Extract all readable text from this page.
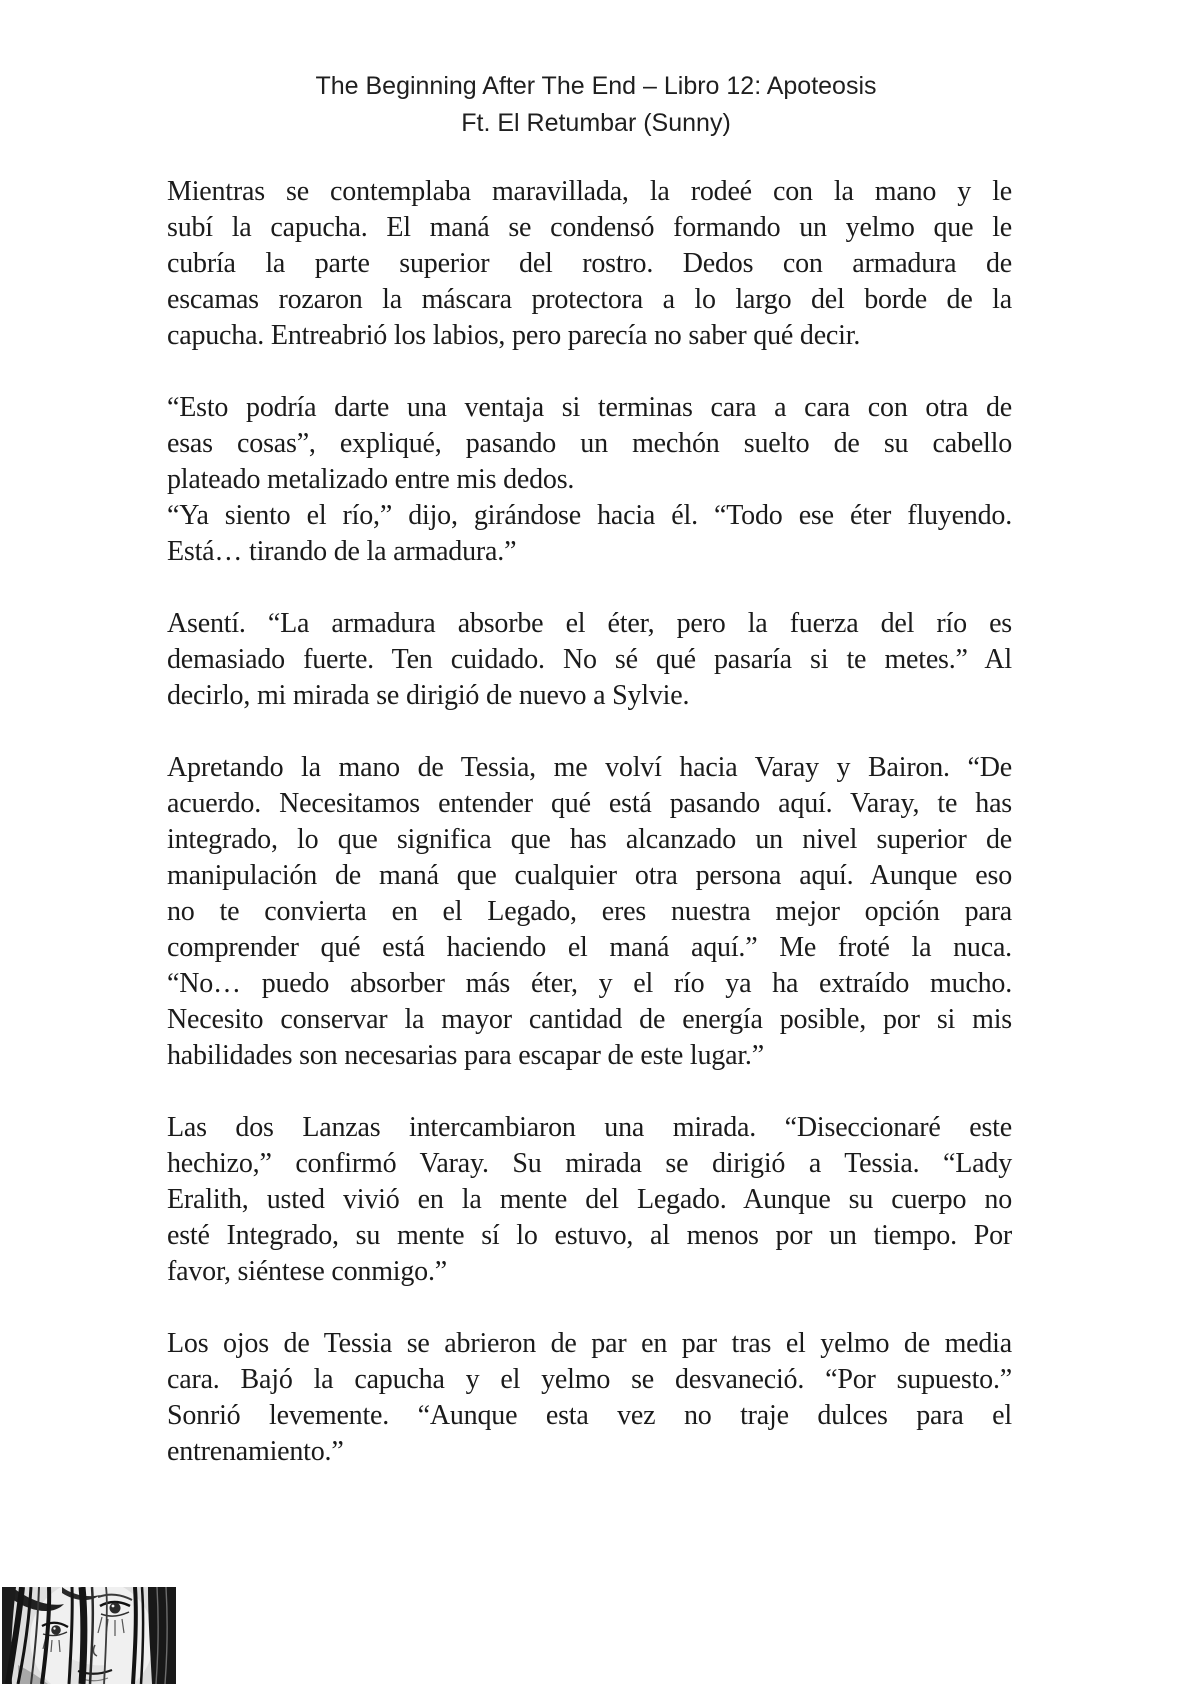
The Beginning After The End – Libro 12: Apoteosis
Ft. El Retumbar (Sunny)
Mientras se contemplaba maravillada, la rodeé con la mano y le
subí la capucha. El maná se condensó formando un yelmo que le
cubría la parte superior del rostro. Dedos con armadura de
escamas rozaron la máscara protectora a lo largo del borde de la
capucha. Entreabrió los labios, pero parecía no saber qué decir.
“Esto podría darte una ventaja si terminas cara a cara con otra de
esas cosas”, expliqué, pasando un mechón suelto de su cabello
plateado metalizado entre mis dedos.
“Ya siento el río,” dijo, girándose hacia él. “Todo ese éter fluyendo.
Está… tirando de la armadura.”
Asentí. “La armadura absorbe el éter, pero la fuerza del río es
demasiado fuerte. Ten cuidado. No sé qué pasaría si te metes.” Al
decirlo, mi mirada se dirigió de nuevo a Sylvie.
Apretando la mano de Tessia, me volví hacia Varay y Bairon. “De
acuerdo. Necesitamos entender qué está pasando aquí. Varay, te has
integrado, lo que significa que has alcanzado un nivel superior de
manipulación de maná que cualquier otra persona aquí. Aunque eso
no te convierta en el Legado, eres nuestra mejor opción para
comprender qué está haciendo el maná aquí.” Me froté la nuca.
“No… puedo absorber más éter, y el río ya ha extraído mucho.
Necesito conservar la mayor cantidad de energía posible, por si mis
habilidades son necesarias para escapar de este lugar.”
Las dos Lanzas intercambiaron una mirada. “Diseccionaré este
hechizo,” confirmó Varay. Su mirada se dirigió a Tessia. “Lady
Eralith, usted vivió en la mente del Legado. Aunque su cuerpo no
esté Integrado, su mente sí lo estuvo, al menos por un tiempo. Por
favor, siéntese conmigo.”
Los ojos de Tessia se abrieron de par en par tras el yelmo de media
cara. Bajó la capucha y el yelmo se desvaneció. “Por supuesto.”
Sonrió levemente. “Aunque esta vez no traje dulces para el
entrenamiento.”
